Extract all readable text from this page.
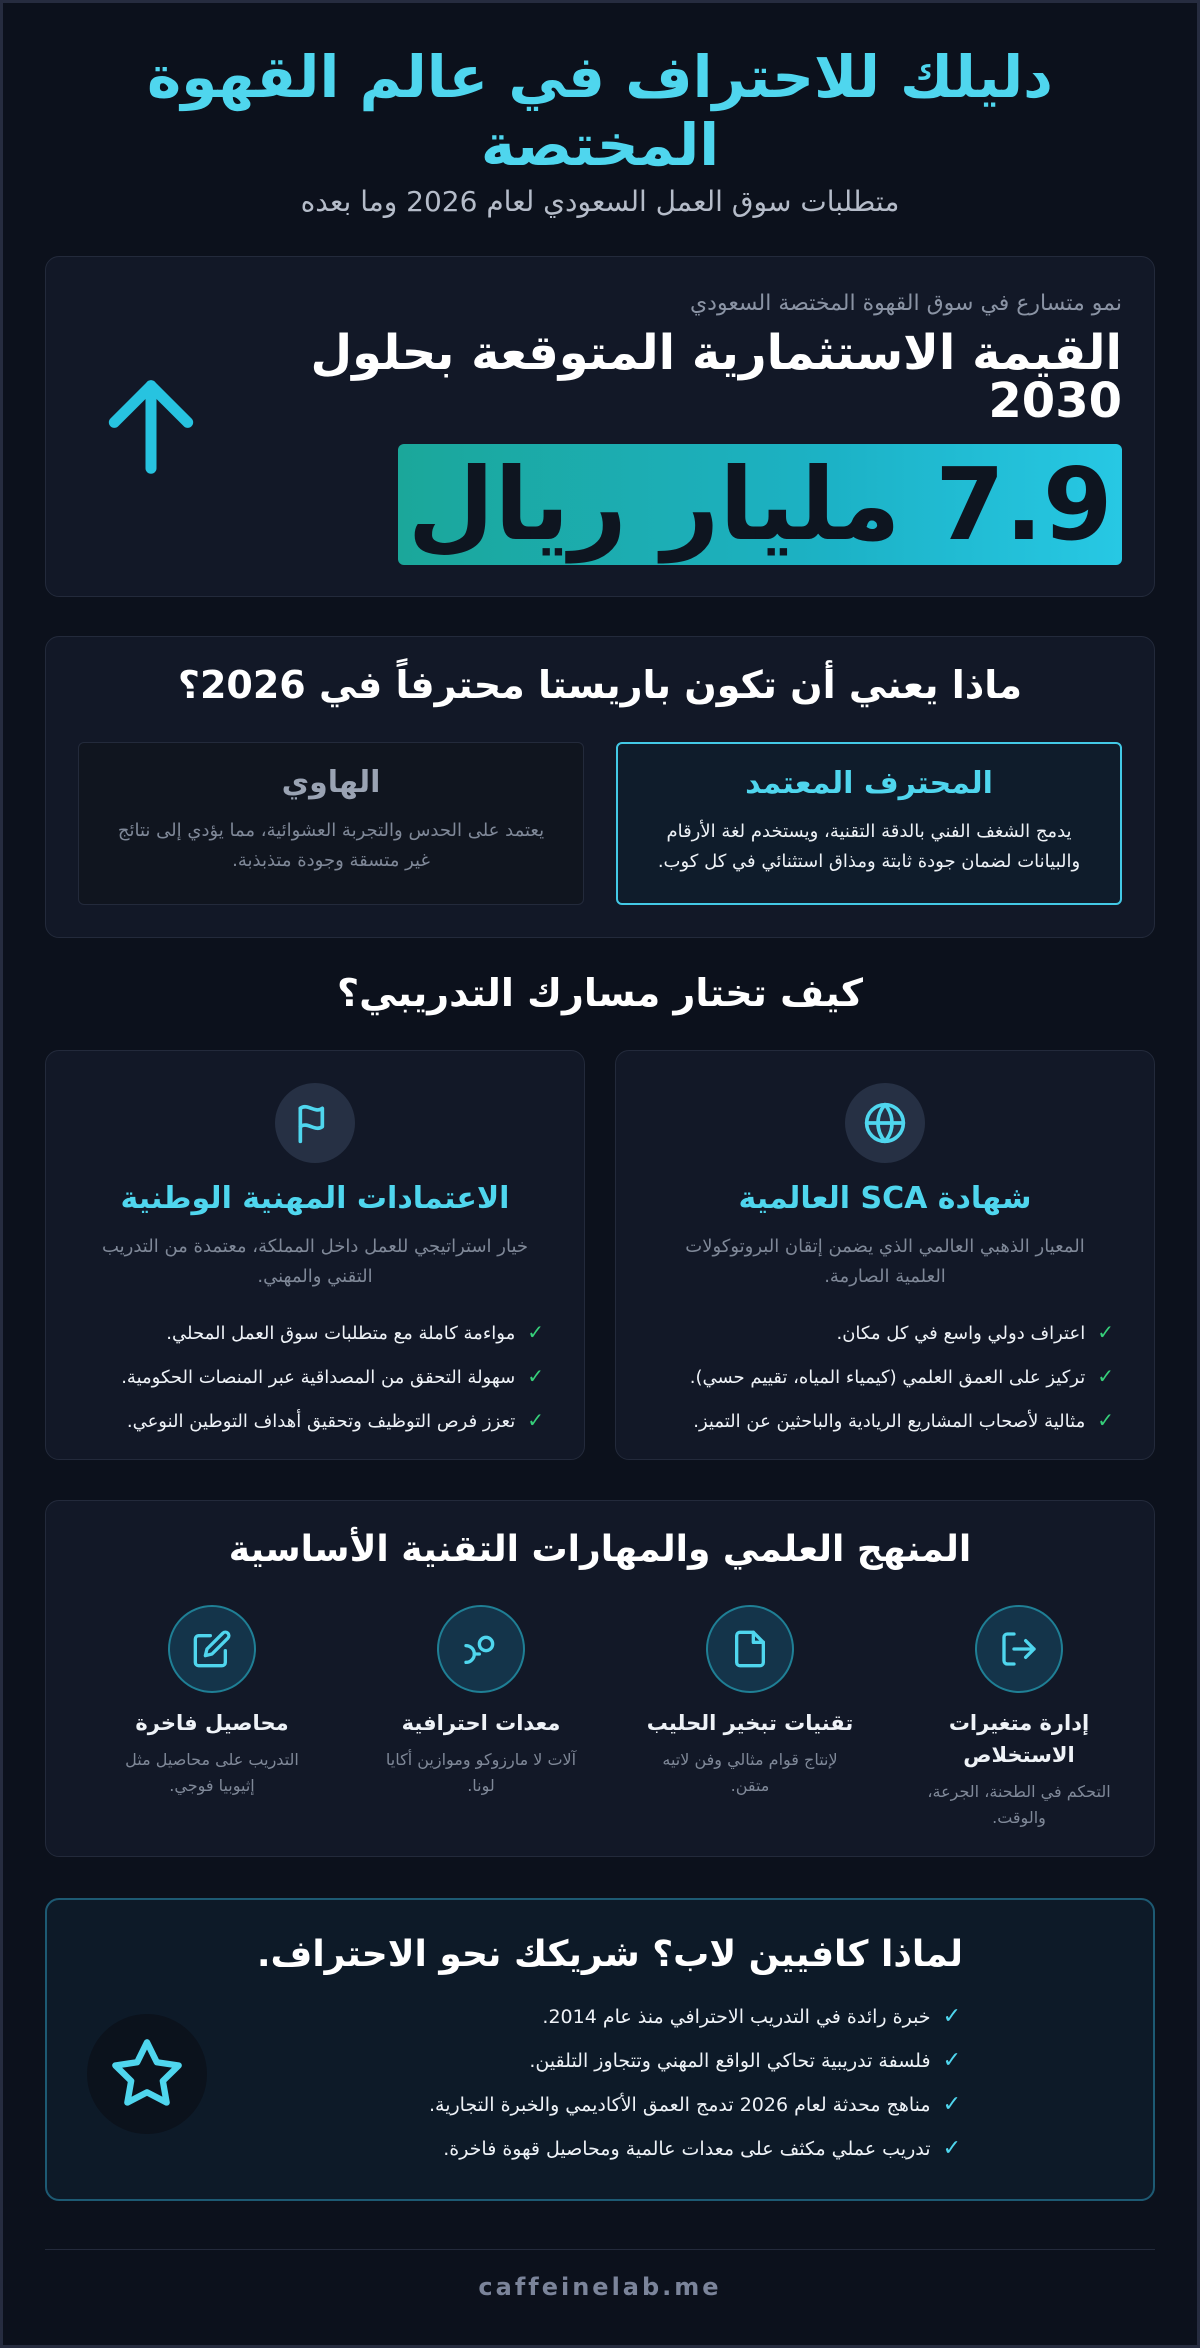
دليلك للاحتراف في عالم القهوة المختصة
متطلبات سوق العمل السعودي لعام 2026 وما بعده
نمو متسارع في سوق القهوة المختصة السعودي
القيمة الاستثمارية المتوقعة بحلول 2030
7.9 مليار ريال
ماذا يعني أن تكون باريستا محترفاً في 2026؟
المحترف المعتمد

يدمج الشغف الفني بالدقة التقنية، ويستخدم لغة الأرقام والبيانات لضمان جودة ثابتة ومذاق استثنائي في كل كوب.

الهاوي

يعتمد على الحدس والتجربة العشوائية، مما يؤدي إلى نتائج غير متسقة وجودة متذبذبة.

كيف تختار مسارك التدريبي؟
شهادة SCA العالمية
المعيار الذهبي العالمي الذي يضمن إتقان البروتوكولات العلمية الصارمة.
✓اعتراف دولي واسع في كل مكان.
✓تركيز على العمق العلمي (كيمياء المياه، تقييم حسي).
✓مثالية لأصحاب المشاريع الريادية والباحثين عن التميز.
الاعتمادات المهنية الوطنية
خيار استراتيجي للعمل داخل المملكة، معتمدة من التدريب التقني والمهني.
✓مواءمة كاملة مع متطلبات سوق العمل المحلي.
✓سهولة التحقق من المصداقية عبر المنصات الحكومية.
✓تعزز فرص التوظيف وتحقيق أهداف التوطين النوعي.
المنهج العلمي والمهارات التقنية الأساسية
إدارة متغيرات الاستخلاص

التحكم في الطحنة، الجرعة، والوقت.

تقنيات تبخير الحليب

لإنتاج قوام مثالي وفن لاتيه متقن.

معدات احترافية

آلات لا مارزوكو وموازين أكايا لونا.

محاصيل فاخرة

التدريب على محاصيل مثل إثيوبيا فوجي.

لماذا كافيين لاب؟ شريكك نحو الاحتراف.
✓خبرة رائدة في التدريب الاحترافي منذ عام 2014.
✓فلسفة تدريبية تحاكي الواقع المهني وتتجاوز التلقين.
✓مناهج محدثة لعام 2026 تدمج العمق الأكاديمي والخبرة التجارية.
✓تدريب عملي مكثف على معدات عالمية ومحاصيل قهوة فاخرة.
caffeinelab.me
